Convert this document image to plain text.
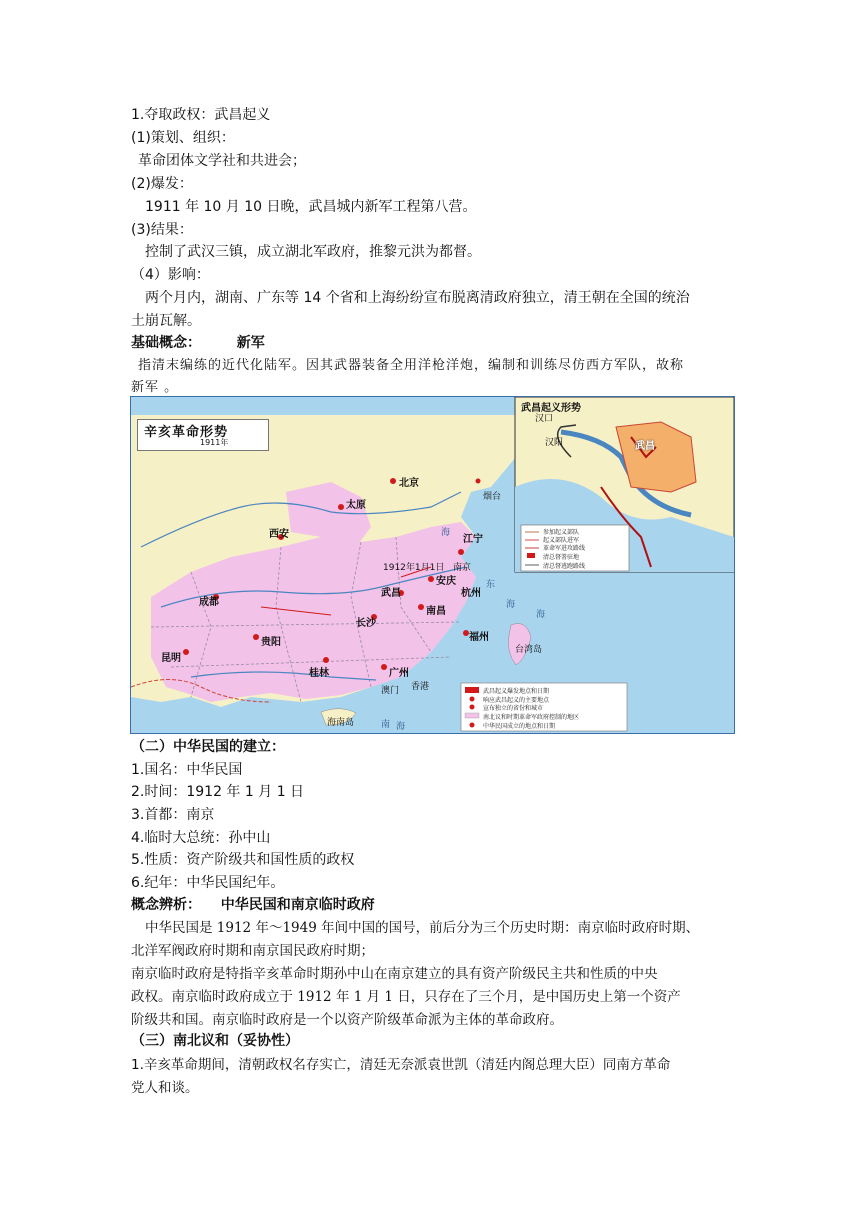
1.夺取政权：武昌起义
(1)策划、组织：
革命团体文学社和共进会；
(2)爆发：
1911 年 10 月 10 日晚，武昌城内新军工程第八营。
(3)结果：
控制了武汉三镇，成立湖北军政府，推黎元洪为都督。
（4）影响：
两个月内，湖南、广东等 14 个省和上海纷纷宣布脱离清政府独立，清王朝在全国的统治
土崩瓦解。
基础概念：	新军
指清末编练的近代化陆军。因其武器装备全用洋枪洋炮，编制和训练尽仿西方军队，故称
新军 。
辛亥革命形势
1911年
武昌起义形势
参加起义部队
起义部队进军
革命军进攻路线
清总督署驻地
清总督逃跑路线
汉口
汉阳	武昌
北京
太原
烟台
西安	江宁
1912年1月1日 南京
安庆
杭州
成都
武昌
南昌
长沙
贵阳	福州
昆明
桂林	广州
香港
澳门
台湾岛
海南岛
海
海
东
海
南 海
武昌起义爆发地点和日期
响应武昌起义的主要地点
宣布独立的省份和城市
南北议和时期革命军政府控制的地区
中华民国成立的地点和日期
（二）中华民国的建立：
1.国名：中华民国
2.时间：1912 年 1 月 1 日
3.首都：南京
4.临时大总统：孙中山
5.性质：资产阶级共和国性质的政权
6.纪年：中华民国纪年。
概念辨析： 中华民国和南京临时政府
中华民国是 1912 年～1949 年间中国的国号，前后分为三个历史时期：南京临时政府时期、
北洋军阀政府时期和南京国民政府时期；
南京临时政府是特指辛亥革命时期孙中山在南京建立的具有资产阶级民主共和性质的中央
政权。南京临时政府成立于 1912 年 1 月 1 日，只存在了三个月，是中国历史上第一个资产
阶级共和国。南京临时政府是一个以资产阶级革命派为主体的革命政府。
（三）南北议和（妥协性）
1.辛亥革命期间，清朝政权名存实亡，清廷无奈派袁世凯（清廷内阁总理大臣）同南方革命
党人和谈。
